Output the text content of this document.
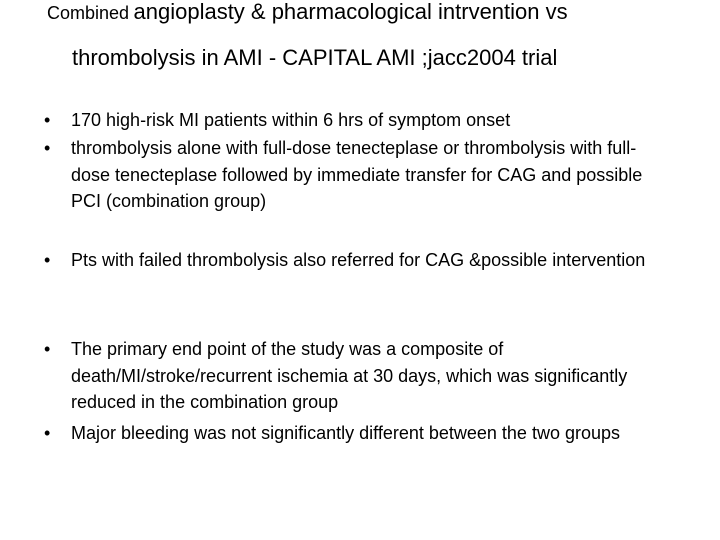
Combined angioplasty & pharmacological intrvention vs
thrombolysis in AMI - CAPITAL AMI ;jacc2004 trial
•	170 high-risk MI patients within 6 hrs of symptom onset
•	thrombolysis alone with full-dose tenecteplase or thrombolysis with full-dose tenecteplase followed by immediate transfer for CAG and possible PCI (combination group)
•	Pts with failed thrombolysis also referred for CAG &possible intervention
•	The primary end point of the study was a composite of death/MI/stroke/recurrent ischemia at 30 days, which was significantly reduced in the combination group
•	Major bleeding was not significantly different between the two groups
